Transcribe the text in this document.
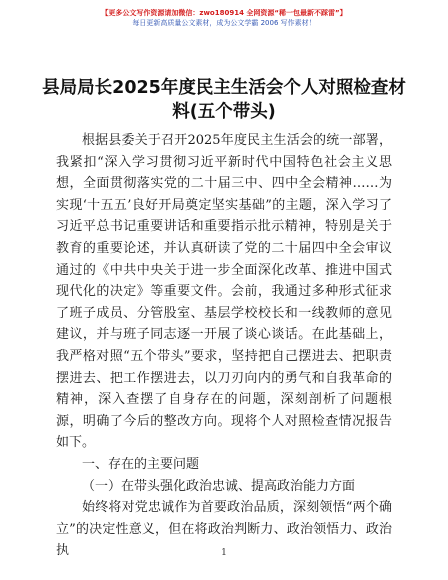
【更多公文写作资源请加微信：zwo180914 全网资源“稀一包最新不踩雷”】
每日更新高质量公文素材，成为公文学霸 2006 写作素材！
县局局长2025年度民主生活会个人对照检查材料(五个带头)

根据县委关于召开2025年度民主生活会的统一部署，我紧扣“深入学习贯彻习近平新时代中国特色社会主义思想，全面贯彻落实党的二十届三中、四中全会精神……为实现‘十五五’良好开局奠定坚实基础”的主题，深入学习了习近平总书记重要讲话和重要指示批示精神，特别是关于教育的重要论述，并认真研读了党的二十届四中全会审议通过的《中共中央关于进一步全面深化改革、推进中国式现代化的决定》等重要文件。会前，我通过多种形式征求了班子成员、分管股室、基层学校校长和一线教师的意见建议，并与班子同志逐一开展了谈心谈话。在此基础上，我严格对照“五个带头”要求，坚持把自己摆进去、把职责摆进去、把工作摆进去，以刀刃向内的勇气和自我革命的精神，深入查摆了自身存在的问题，深刻剖析了问题根源，明确了今后的整改方向。现将个人对照检查情况报告如下。

一、存在的主要问题

（一）在带头强化政治忠诚、提高政治能力方面

始终将对党忠诚作为首要政治品质，深刻领悟“两个确立”的决定性意义，但在将政治判断力、政治领悟力、政治执	1
